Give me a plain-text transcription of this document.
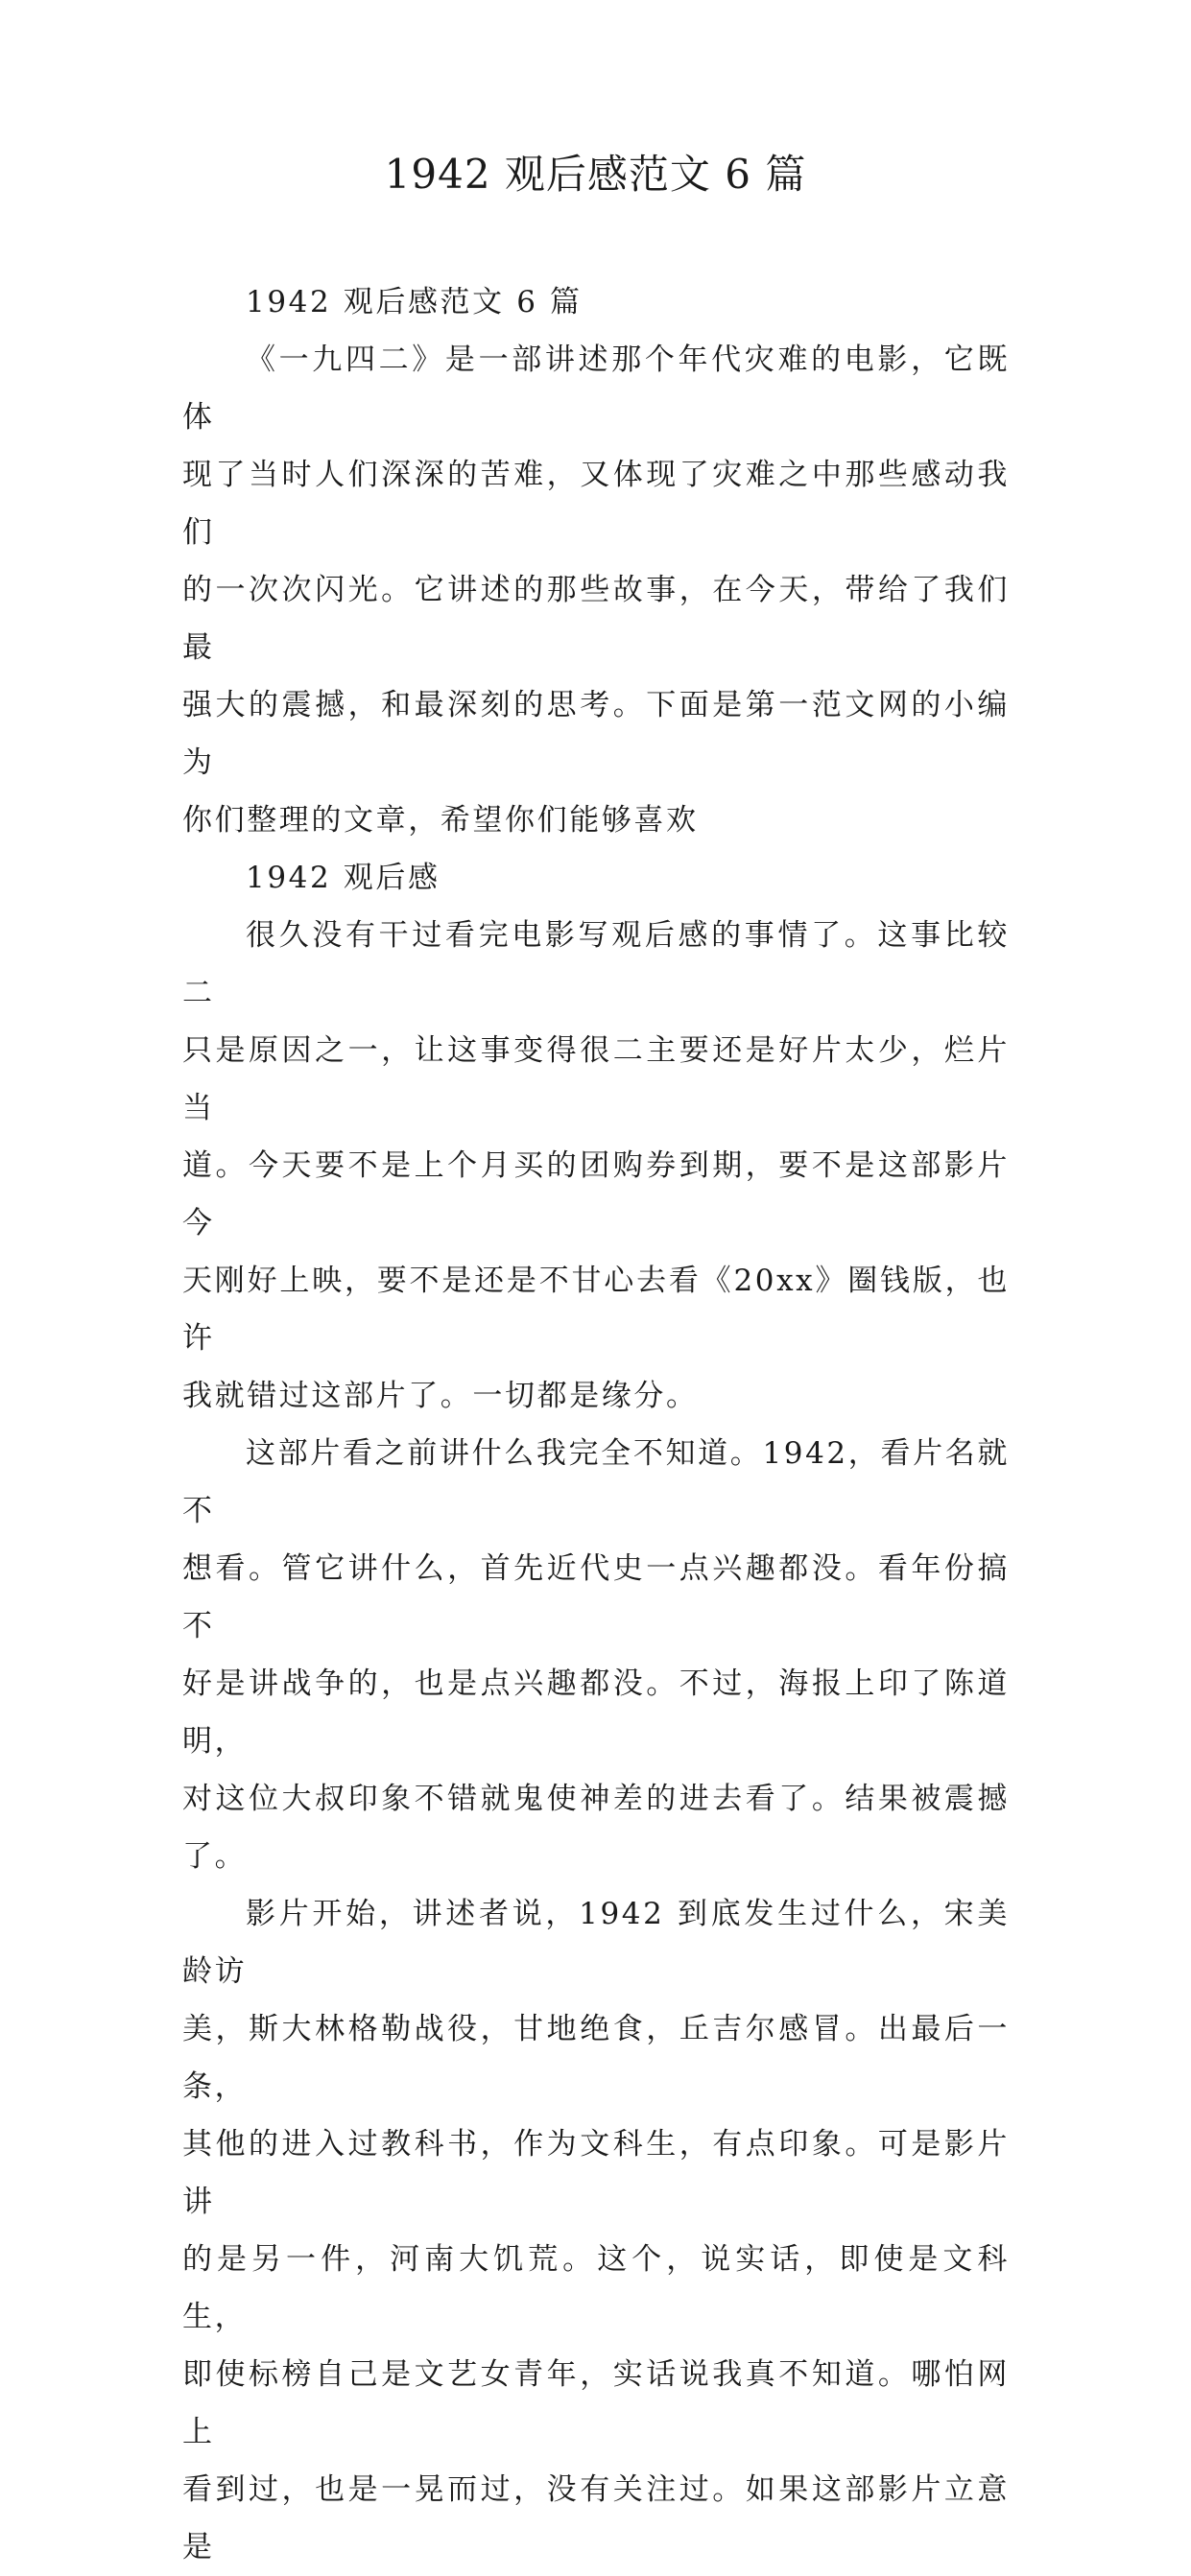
1942 观后感范文 6 篇

1942 观后感范文 6 篇

《一九四二》是一部讲述那个年代灾难的电影，它既体
现了当时人们深深的苦难，又体现了灾难之中那些感动我们
的一次次闪光。它讲述的那些故事，在今天，带给了我们最
强大的震撼，和最深刻的思考。下面是第一范文网的小编为
你们整理的文章，希望你们能够喜欢

1942 观后感

很久没有干过看完电影写观后感的事情了。这事比较二
只是原因之一，让这事变得很二主要还是好片太少，烂片当
道。今天要不是上个月买的团购券到期，要不是这部影片今
天刚好上映，要不是还是不甘心去看《20xx》圈钱版，也许
我就错过这部片了。一切都是缘分。

这部片看之前讲什么我完全不知道。1942，看片名就不
想看。管它讲什么，首先近代史一点兴趣都没。看年份搞不
好是讲战争的，也是点兴趣都没。不过，海报上印了陈道明，
对这位大叔印象不错就鬼使神差的进去看了。结果被震撼了。

影片开始，讲述者说，1942 到底发生过什么，宋美龄访
美，斯大林格勒战役，甘地绝食，丘吉尔感冒。出最后一条，
其他的进入过教科书，作为文科生，有点印象。可是影片讲
的是另一件，河南大饥荒。这个，说实话，即使是文科生，
即使标榜自己是文艺女青年，实话说我真不知道。哪怕网上
看到过，也是一晃而过，没有关注过。如果这部影片立意是
